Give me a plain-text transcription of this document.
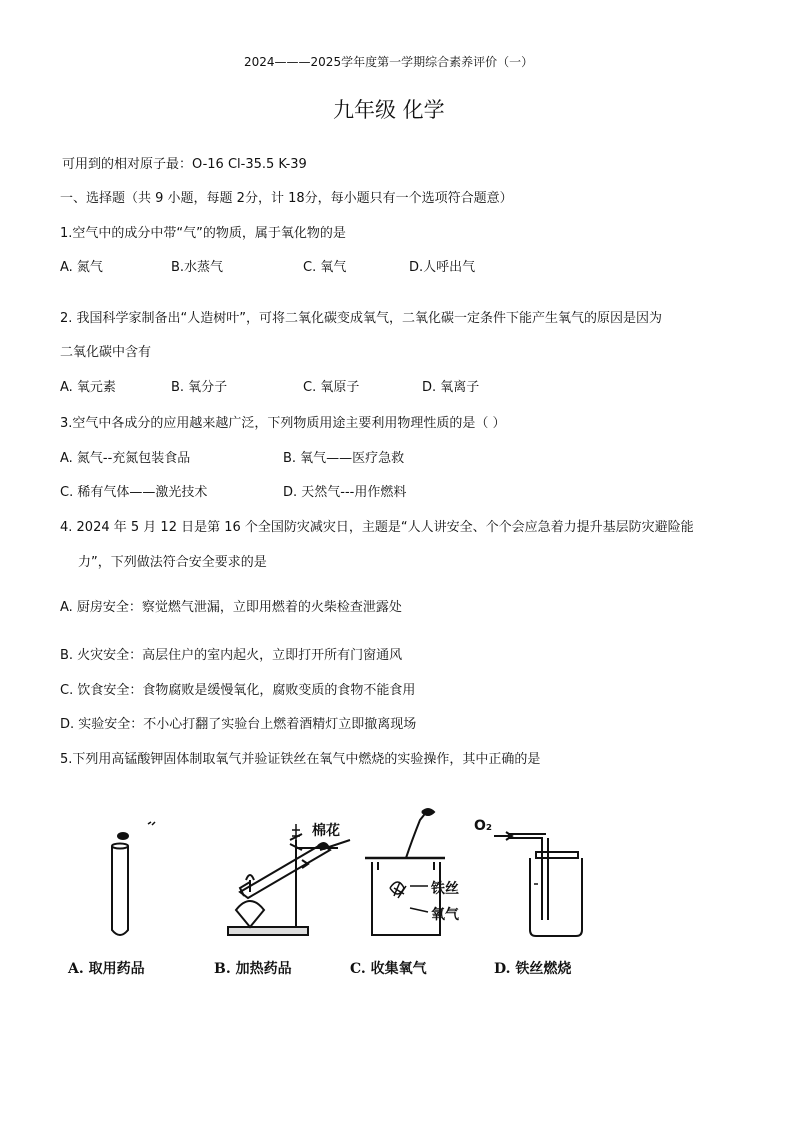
2024———2025学年度第一学期综合素养评价（一）
九年级 化学
可用到的相对原子最：O-16 Cl-35.5 K-39
一、选择题（共 9 小题，每题 2分，计 18分，每小题只有一个选项符合题意）
1.空气中的成分中带“气”的物质，属于氧化物的是
A. 氮气	B.水蒸气	C. 氧气	D.人呼出气
2. 我国科学家制备出“人造树叶”，可将二氧化碳变成氧气，二氧化碳一定条件下能产生氧气的原因是因为
二氧化碳中含有
A. 氧元素	B. 氧分子	C. 氧原子	D. 氧离子
3.空气中各成分的应用越来越广泛，下列物质用途主要利用物理性质的是（ ）
A. 氮气--充氮包装食品	B. 氧气——医疗急救
C. 稀有气体——激光技术	D. 天然气---用作燃料
4. 2024 年 5 月 12 日是第 16 个全国防灾减灾日，主题是“人人讲安全、个个会应急着力提升基层防灾避险能
力”，下列做法符合安全要求的是
A. 厨房安全：察觉燃气泄漏，立即用燃着的火柴检查泄露处
B. 火灾安全：高层住户的室内起火，立即打开所有门窗通风
C. 饮食安全：食物腐败是缓慢氧化，腐败变质的食物不能食用
D. 实验安全：不小心打翻了实验台上燃着酒精灯立即撤离现场
5.下列用高锰酸钾固体制取氧气并验证铁丝在氧气中燃烧的实验操作，其中正确的是
棉花
铁丝
氧气
O₂
A. 取用药品	B. 加热药品	C. 收集氧气	D. 铁丝燃烧
